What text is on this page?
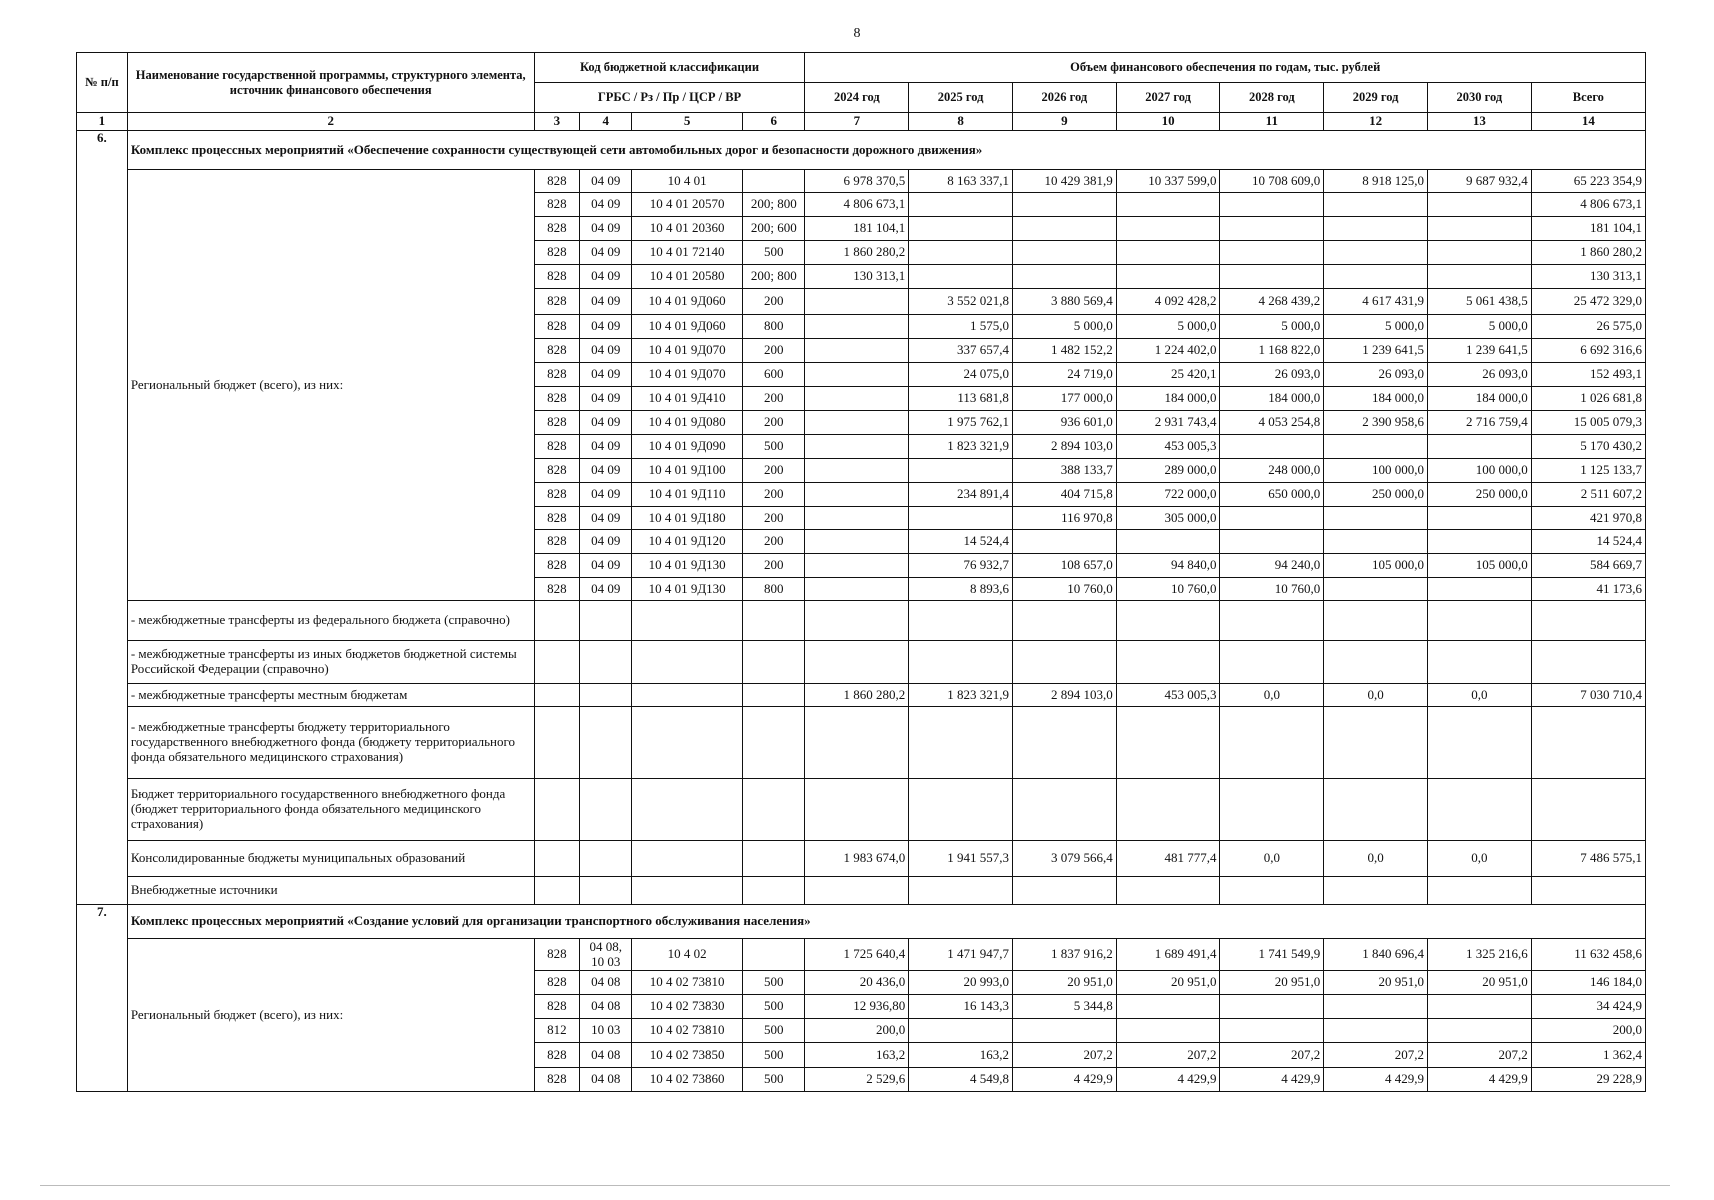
8
№ п/п	Наименование государственной программы, структурного элемента, источник финансового обеспечения	Код бюджетной классификации				Объем финансового обеспечения по годам, тыс. рублей							
		ГРБС / Рз / Пр / ЦСР / ВР				2024 год	2025 год	2026 год	2027 год	2028 год	2029 год	2030 год	Всего
1	2	3	4	5	6	7	8	9	10	11	12	13	14
6.	Комплекс процессных мероприятий «Обеспечение сохранности существующей сети автомобильных дорог и безопасности дорожного движения»												
	Региональный бюджет (всего), из них:	828	04 09	10 4 01		6 978 370,5	8 163 337,1	10 429 381,9	10 337 599,0	10 708 609,0	8 918 125,0	9 687 932,4	65 223 354,9
		828	04 09	10 4 01 20570	200; 800	4 806 673,1							4 806 673,1
		828	04 09	10 4 01 20360	200; 600	181 104,1							181 104,1
		828	04 09	10 4 01 72140	500	1 860 280,2							1 860 280,2
		828	04 09	10 4 01 20580	200; 800	130 313,1							130 313,1
		828	04 09	10 4 01 9Д060	200		3 552 021,8	3 880 569,4	4 092 428,2	4 268 439,2	4 617 431,9	5 061 438,5	25 472 329,0
		828	04 09	10 4 01 9Д060	800		1 575,0	5 000,0	5 000,0	5 000,0	5 000,0	5 000,0	26 575,0
		828	04 09	10 4 01 9Д070	200		337 657,4	1 482 152,2	1 224 402,0	1 168 822,0	1 239 641,5	1 239 641,5	6 692 316,6
		828	04 09	10 4 01 9Д070	600		24 075,0	24 719,0	25 420,1	26 093,0	26 093,0	26 093,0	152 493,1
		828	04 09	10 4 01 9Д410	200		113 681,8	177 000,0	184 000,0	184 000,0	184 000,0	184 000,0	1 026 681,8
		828	04 09	10 4 01 9Д080	200		1 975 762,1	936 601,0	2 931 743,4	4 053 254,8	2 390 958,6	2 716 759,4	15 005 079,3
		828	04 09	10 4 01 9Д090	500		1 823 321,9	2 894 103,0	453 005,3				5 170 430,2
		828	04 09	10 4 01 9Д100	200			388 133,7	289 000,0	248 000,0	100 000,0	100 000,0	1 125 133,7
		828	04 09	10 4 01 9Д110	200		234 891,4	404 715,8	722 000,0	650 000,0	250 000,0	250 000,0	2 511 607,2
		828	04 09	10 4 01 9Д180	200			116 970,8	305 000,0				421 970,8
		828	04 09	10 4 01 9Д120	200		14 524,4						14 524,4
		828	04 09	10 4 01 9Д130	200		76 932,7	108 657,0	94 840,0	94 240,0	105 000,0	105 000,0	584 669,7
		828	04 09	10 4 01 9Д130	800		8 893,6	10 760,0	10 760,0	10 760,0			41 173,6
	- межбюджетные трансферты из федерального бюджета (справочно)												
	- межбюджетные трансферты из иных бюджетов бюджетной системы Российской Федерации (справочно)												
	- межбюджетные трансферты местным бюджетам					1 860 280,2	1 823 321,9	2 894 103,0	453 005,3	0,0	0,0	0,0	7 030 710,4
	- межбюджетные трансферты бюджету территориального государственного внебюджетного фонда (бюджету территориального фонда обязательного медицинского страхования)												
	Бюджет территориального государственного внебюджетного фонда (бюджет территориального фонда обязательного медицинского страхования)												
	Консолидированные бюджеты муниципальных образований					1 983 674,0	1 941 557,3	3 079 566,4	481 777,4	0,0	0,0	0,0	7 486 575,1
	Внебюджетные источники												
7.	Комплекс процессных мероприятий «Создание условий для организации транспортного обслуживания населения»												
	Региональный бюджет (всего), из них:	828	04 08, 10 03	10 4 02		1 725 640,4	1 471 947,7	1 837 916,2	1 689 491,4	1 741 549,9	1 840 696,4	1 325 216,6	11 632 458,6
		828	04 08	10 4 02 73810	500	20 436,0	20 993,0	20 951,0	20 951,0	20 951,0	20 951,0	20 951,0	146 184,0
		828	04 08	10 4 02 73830	500	12 936,80	16 143,3	5 344,8					34 424,9
		812	10 03	10 4 02 73810	500	200,0							200,0
		828	04 08	10 4 02 73850	500	163,2	163,2	207,2	207,2	207,2	207,2	207,2	1 362,4
		828	04 08	10 4 02 73860	500	2 529,6	4 549,8	4 429,9	4 429,9	4 429,9	4 429,9	4 429,9	29 228,9
